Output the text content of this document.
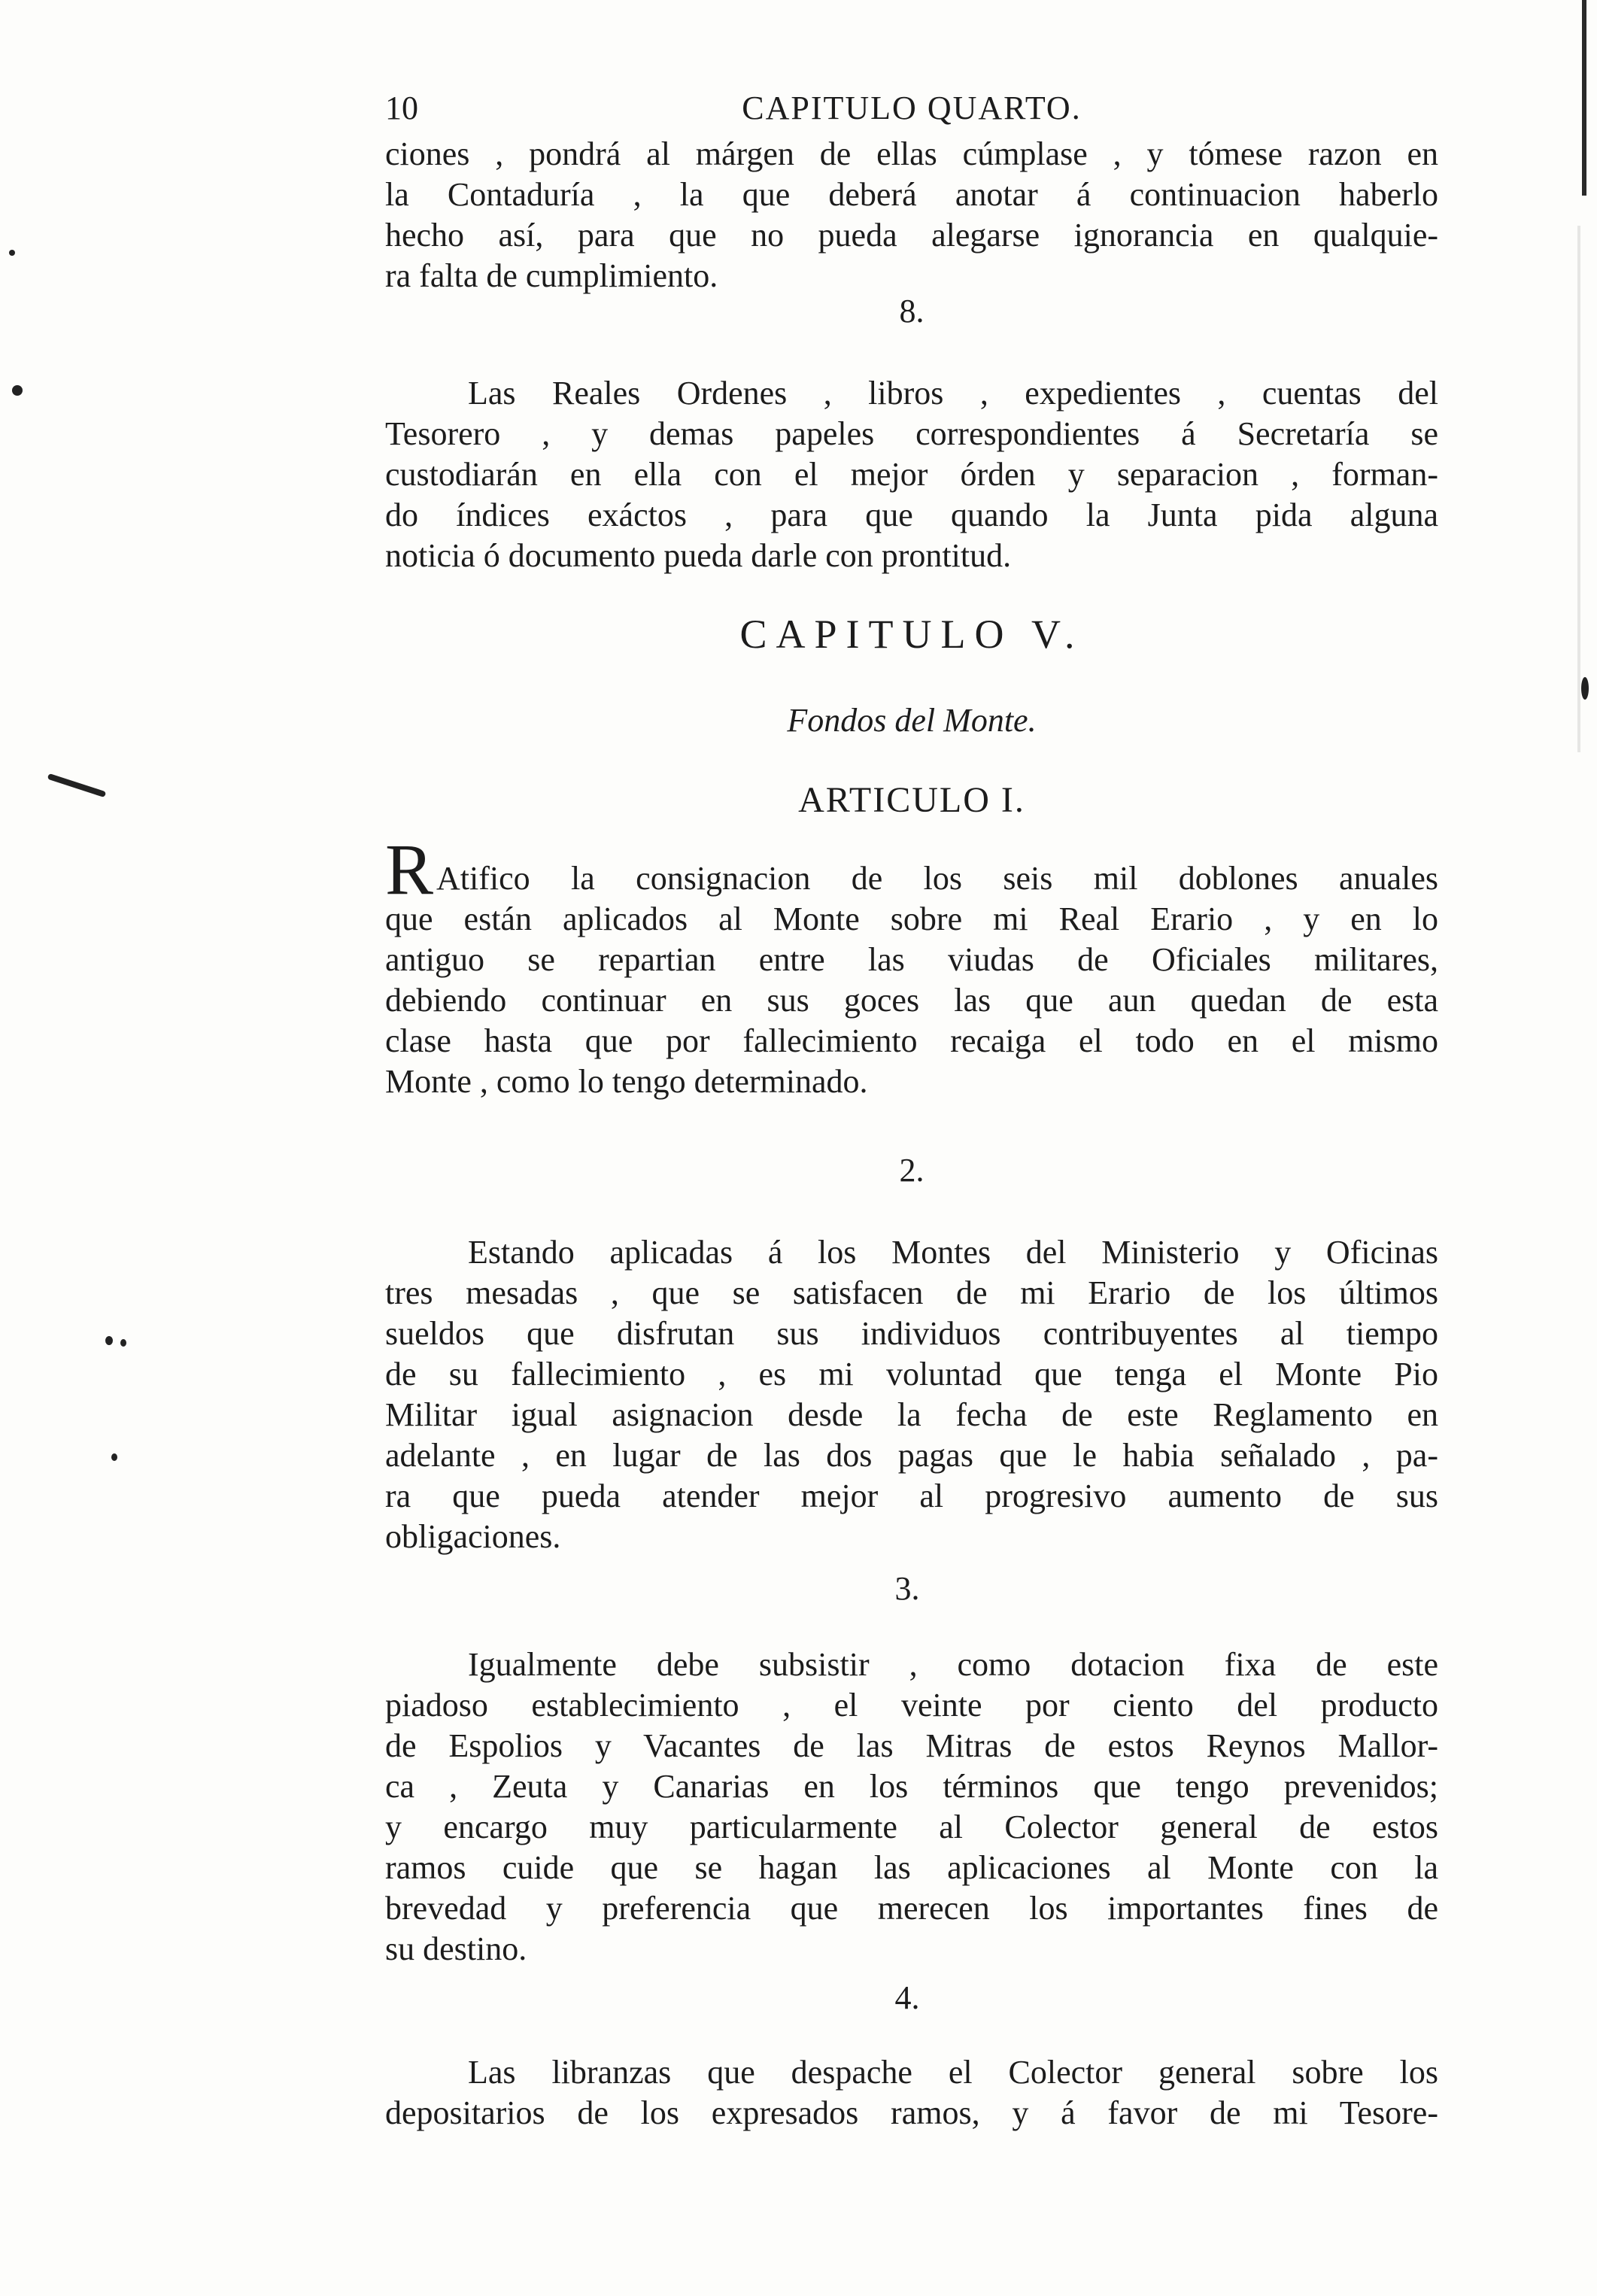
10	CAPITULO QUARTO.
ciones , pondrá al márgen de ellas cúmplase , y tómese razon en
la Contaduría , la que deberá anotar á continuacion haberlo
hecho así, para que no pueda alegarse ignorancia en qualquie-
ra falta de cumplimiento.
8.
Las Reales Ordenes , libros , expedientes , cuentas del
Tesorero , y demas papeles correspondientes á Secretaría se
custodiarán en ella con el mejor órden y separacion , forman-
do índices exáctos , para que quando la Junta pida alguna
noticia ó documento pueda darle con prontitud.
CAPITULO V.
Fondos del Monte.
ARTICULO I.
RAtifico la consignacion de los seis mil doblones anuales
que están aplicados al Monte sobre mi Real Erario , y en lo
antiguo se repartian entre las viudas de Oficiales militares,
debiendo continuar en sus goces las que aun quedan de esta
clase hasta que por fallecimiento recaiga el todo en el mismo
Monte , como lo tengo determinado.
2.
Estando aplicadas á los Montes del Ministerio y Oficinas
tres mesadas , que se satisfacen de mi Erario de los últimos
sueldos que disfrutan sus individuos contribuyentes al tiempo
de su fallecimiento , es mi voluntad que tenga el Monte Pio
Militar igual asignacion desde la fecha de este Reglamento en
adelante , en lugar de las dos pagas que le habia señalado , pa-
ra que pueda atender mejor al progresivo aumento de sus
obligaciones.
3.
Igualmente debe subsistir , como dotacion fixa de este
piadoso establecimiento , el veinte por ciento del producto
de Espolios y Vacantes de las Mitras de estos Reynos Mallor-
ca , Zeuta y Canarias en los términos que tengo prevenidos;
y encargo muy particularmente al Colector general de estos
ramos cuide que se hagan las aplicaciones al Monte con la
brevedad y preferencia que merecen los importantes fines de
su destino.
4.
Las libranzas que despache el Colector general sobre los
depositarios de los expresados ramos, y á favor de mi Tesore-
